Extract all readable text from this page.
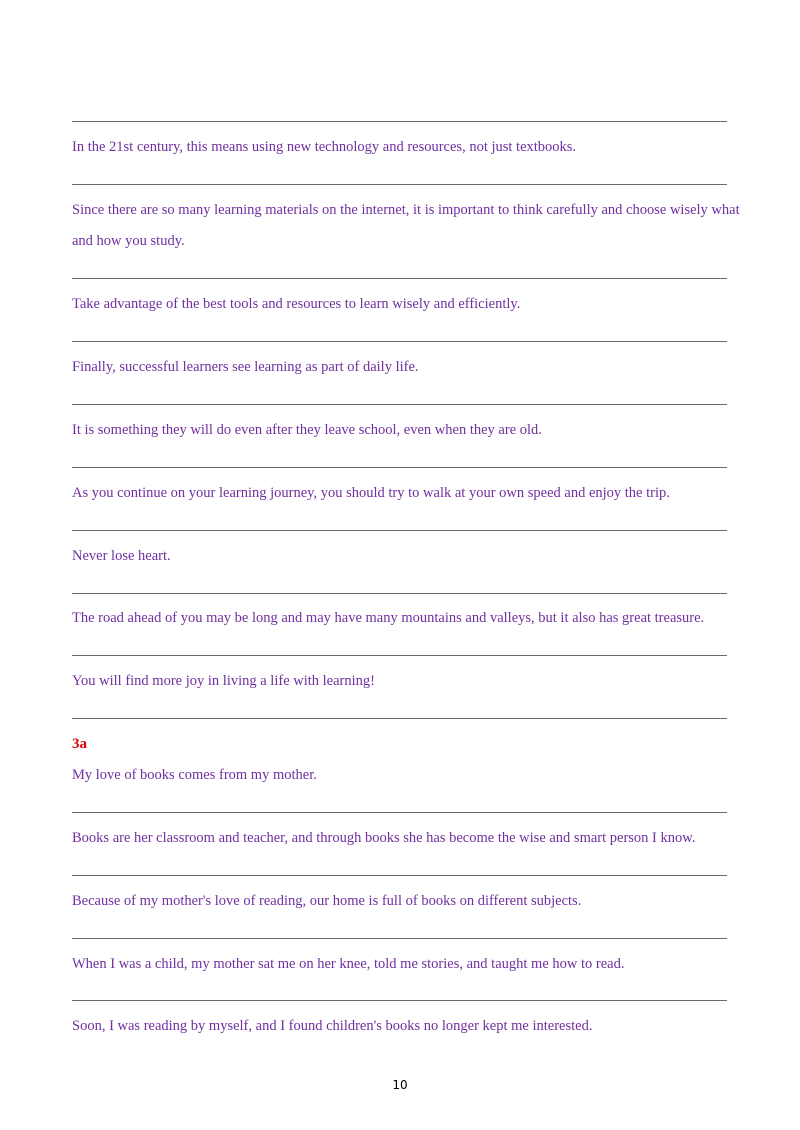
In the 21st century, this means using new technology and resources, not just textbooks.
Since there are so many learning materials on the internet, it is important to think carefully and choose wisely what
and how you study.
Take advantage of the best tools and resources to learn wisely and efficiently.
Finally, successful learners see learning as part of daily life.
It is something they will do even after they leave school, even when they are old.
As you continue on your learning journey, you should try to walk at your own speed and enjoy the trip.
Never lose heart.
The road ahead of you may be long and may have many mountains and valleys, but it also has great treasure.
You will find more joy in living a life with learning!
3a
My love of books comes from my mother.
Books are her classroom and teacher, and through books she has become the wise and smart person I know.
Because of my mother's love of reading, our home is full of books on different subjects.
When I was a child, my mother sat me on her knee, told me stories, and taught me how to read.
Soon, I was reading by myself, and I found children's books no longer kept me interested.
10
